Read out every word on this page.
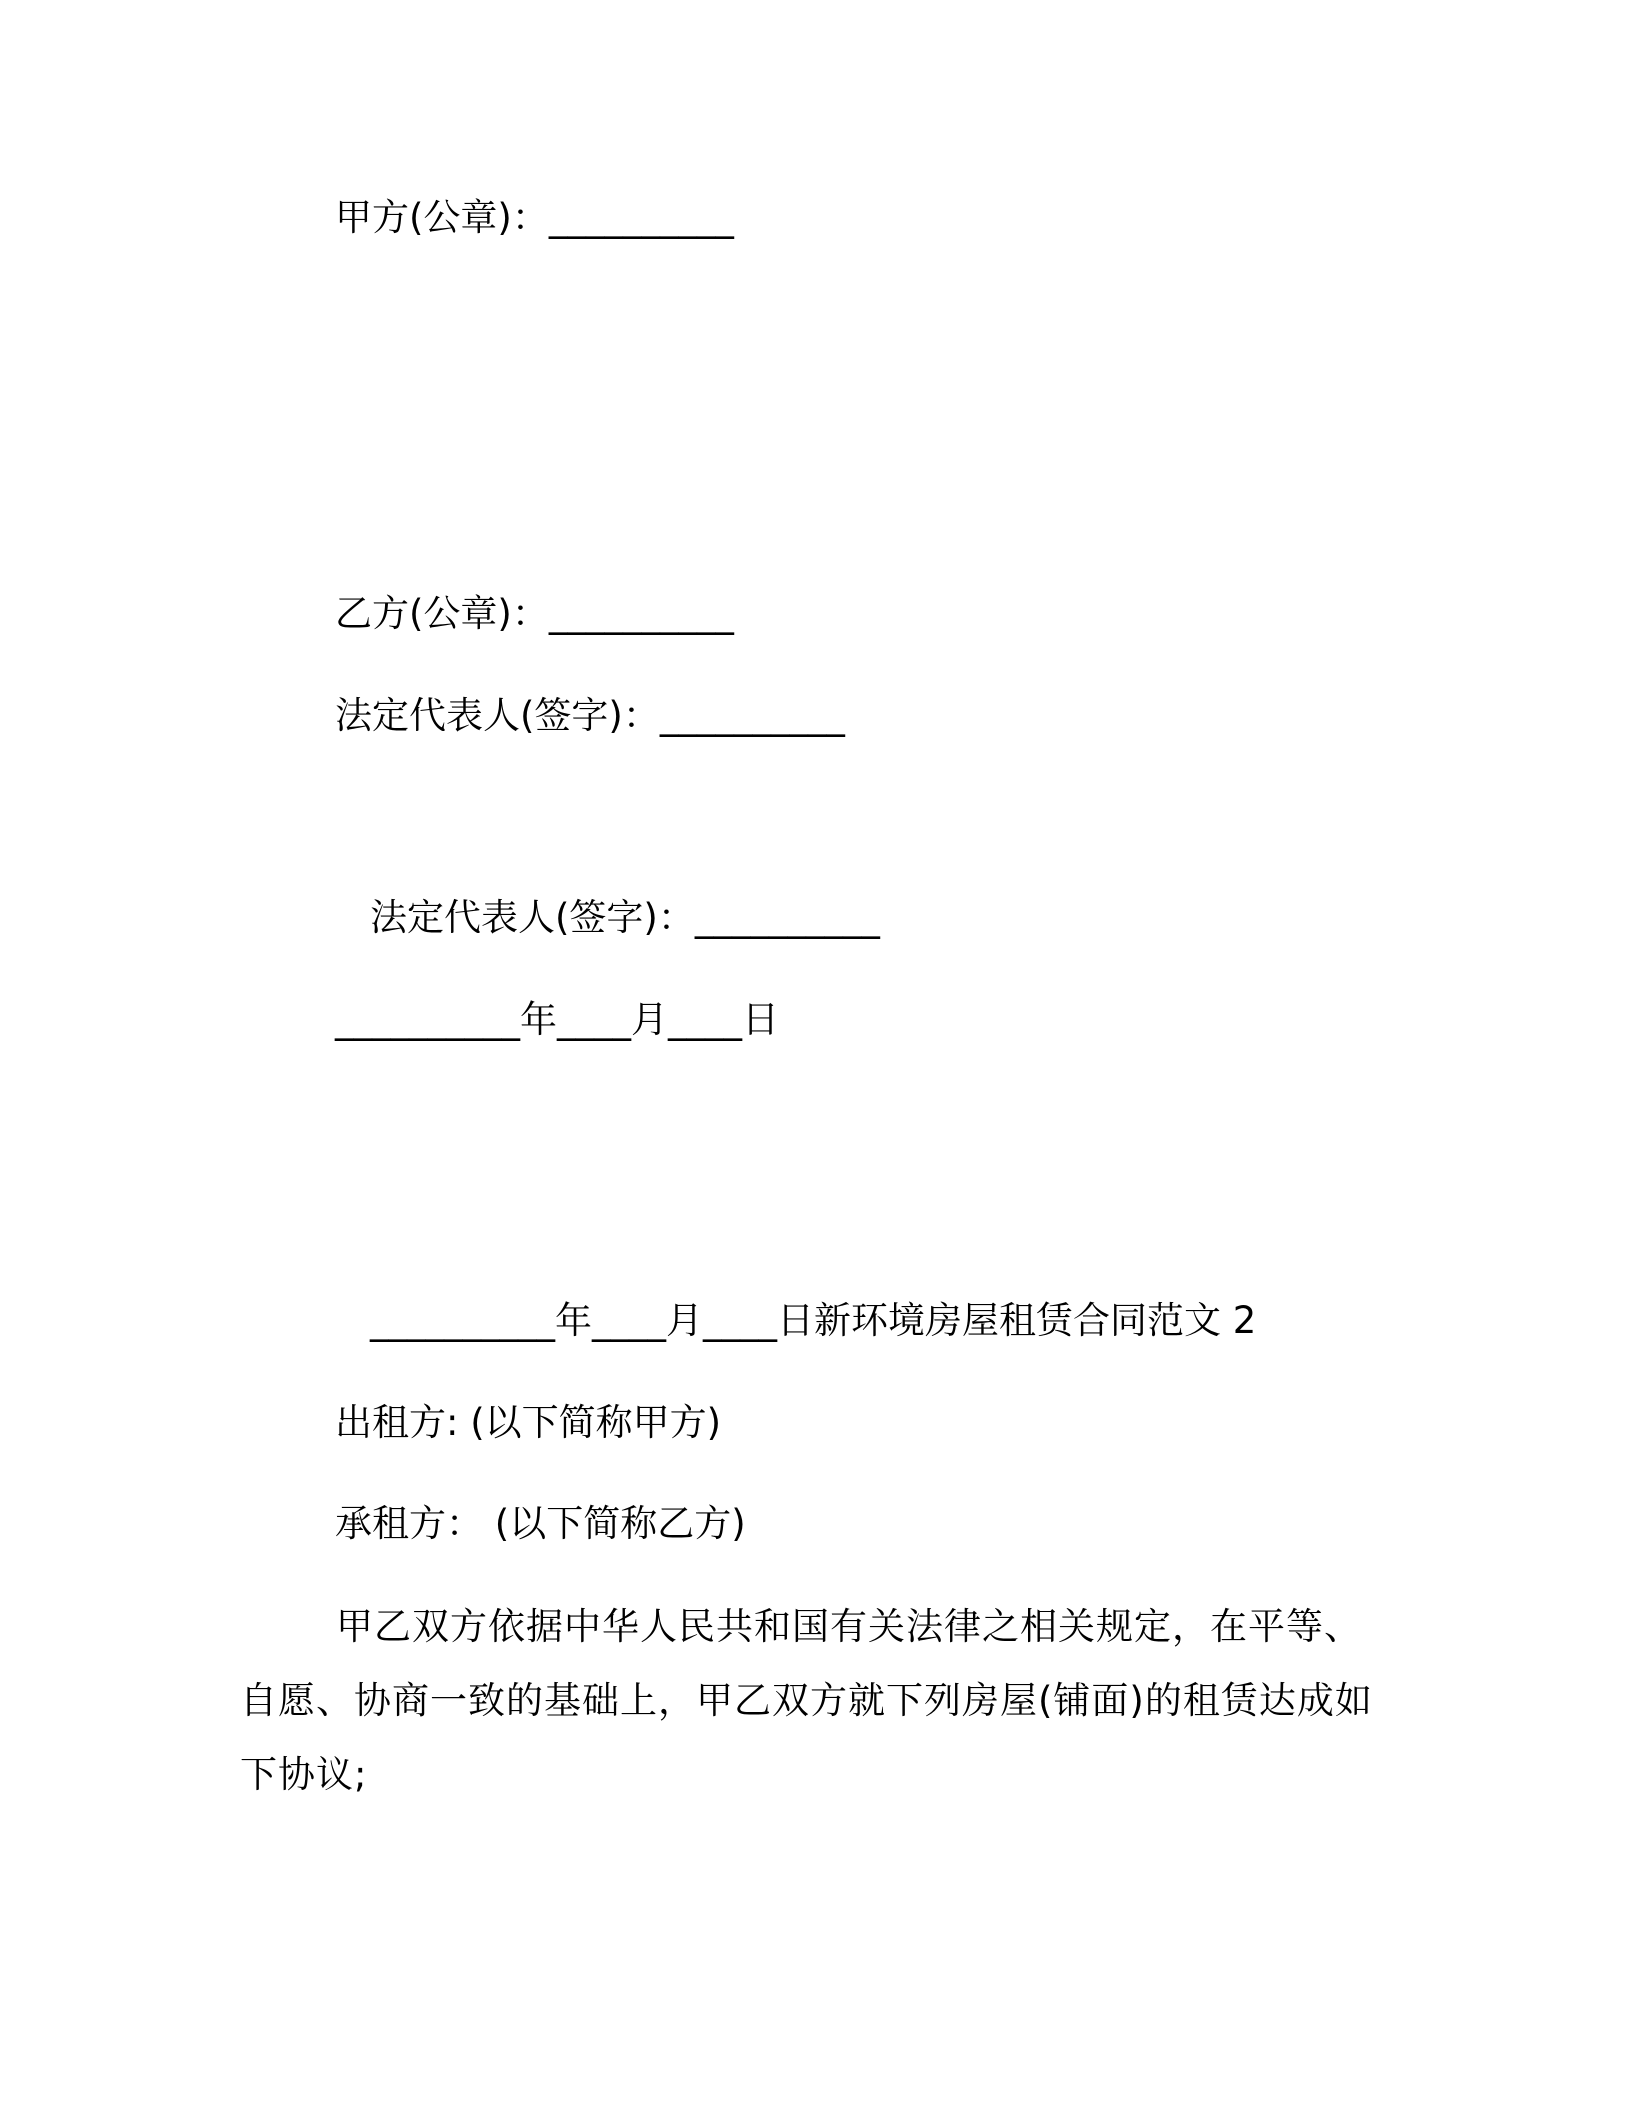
甲方(公章)：__________
乙方(公章)：__________
法定代表人(签字)：__________
法定代表人(签字)：__________
__________年____月____日
__________年____月____日新环境房屋租赁合同范文 2
出租方: (以下简称甲方)
承租方： (以下简称乙方)
甲乙双方依据中华人民共和国有关法律之相关规定，在平等、自愿、协商一致的基础上，甲乙双方就下列房屋(铺面)的租赁达成如下协议;
